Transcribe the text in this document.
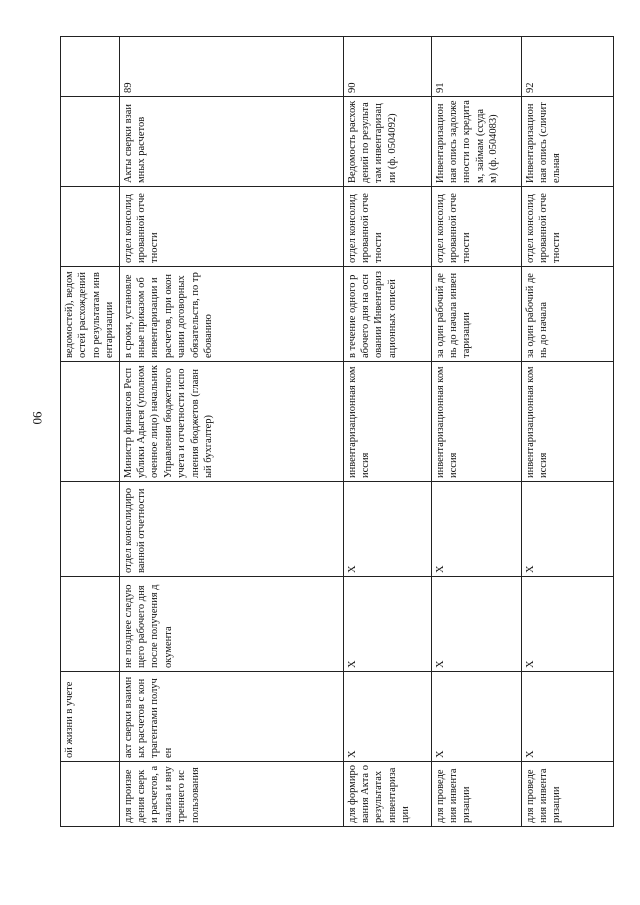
90
	ой жизни в учете				ведомостей), ведомостей расхождений по результатам инвентаризации			
для произведения сверки расчетов, анализа и внутреннего использования	акт сверки взаимных расчетов с контрагентами получен	не позднее следующего рабочего дня после получения документа	отдел консолидированной отчетности	Министр финансов Республики Адыгея (уполномоченное лицо) начальник Управления бюджетного учета и отчетности исполнения бюджетов (главный бухгалтер)	в сроки, установленные приказом об инвентаризации и расчетов, при окончании договорных обязательств, по требованию	отдел консолидированной отчетности	Акты сверки взаимных расчетов	89
для формирования Акта о результатах инвентаризации	Х	Х	Х	инвентаризационная комиссия	в течение одного рабочего дня на основании Инвентаризационных описей	отдел консолидированной отчетности	Ведомость расхождений по результатам инвентаризации (ф. 0504092)	90
для проведения инвентаризации	Х	Х	Х	инвентаризационная комиссия	за один рабочий день до начала инвентаризации	отдел консолидированной отчетности	Инвентаризационная опись задолженности по кредитам, займам (ссудам) (ф. 0504083)	91
для проведения инвентаризации	Х	Х	Х	инвентаризационная комиссия	за один рабочий день до начала	отдел консолидированной отчетности	Инвентаризационная опись (сличительная	92
